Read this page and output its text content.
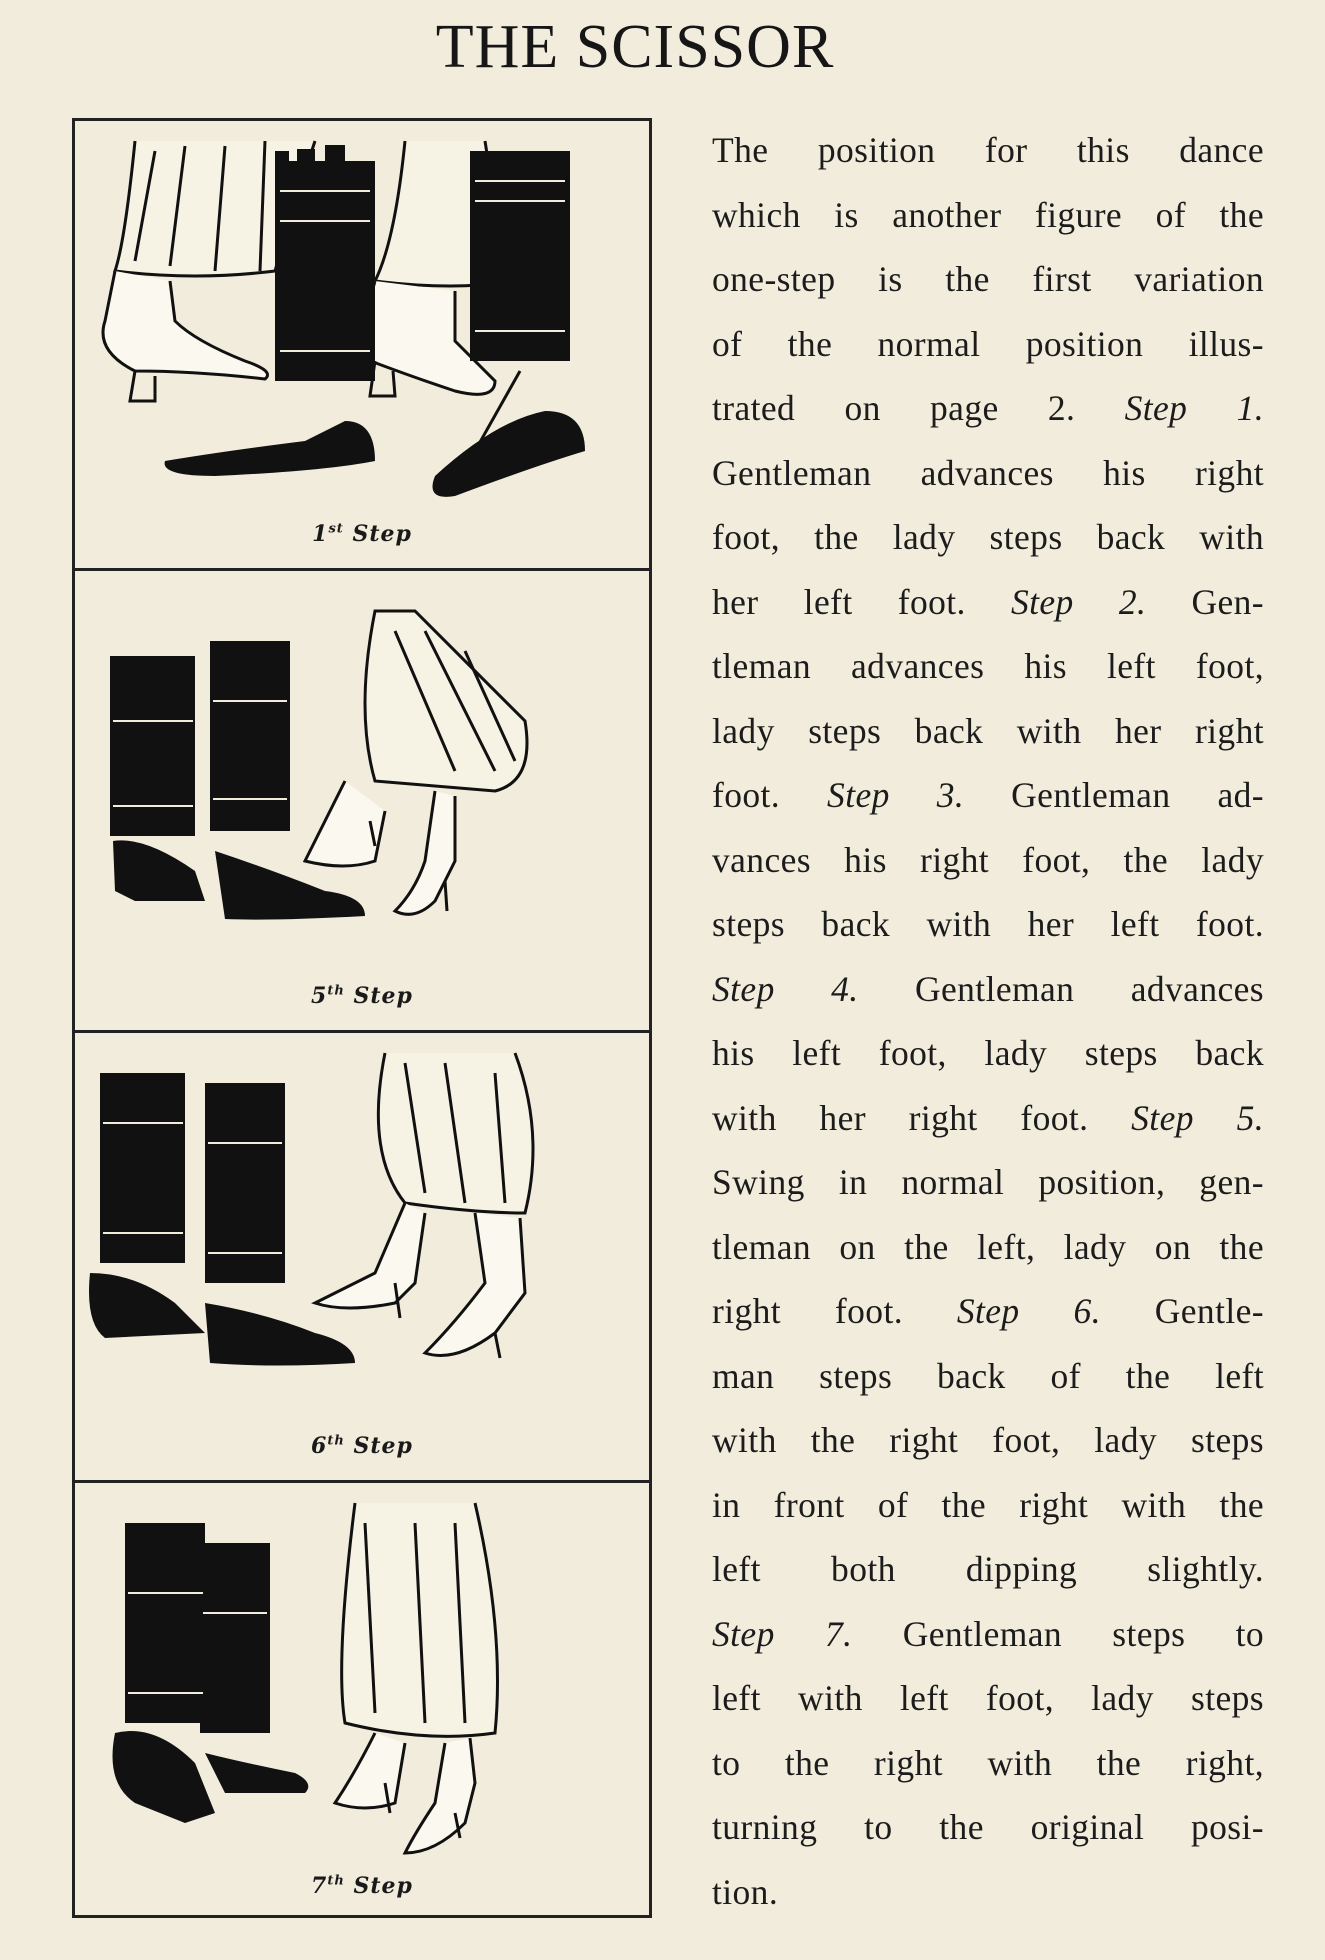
THE SCISSOR
1st Step
5th Step
6th Step
7th Step
The position for this dance
which is another figure of the
one-step is the first variation
of the normal position illus-
trated on page 2. Step 1.
Gentleman advances his right
foot, the lady steps back with
her left foot. Step 2. Gen-
tleman advances his left foot,
lady steps back with her right
foot. Step 3. Gentleman ad-
vances his right foot, the lady
steps back with her left foot.
Step 4. Gentleman advances
his left foot, lady steps back
with her right foot. Step 5.
Swing in normal position, gen-
tleman on the left, lady on the
right foot. Step 6. Gentle-
man steps back of the left
with the right foot, lady steps
in front of the right with the
left both dipping slightly.
Step 7. Gentleman steps to
left with left foot, lady steps
to the right with the right,
turning to the original posi-
tion.
